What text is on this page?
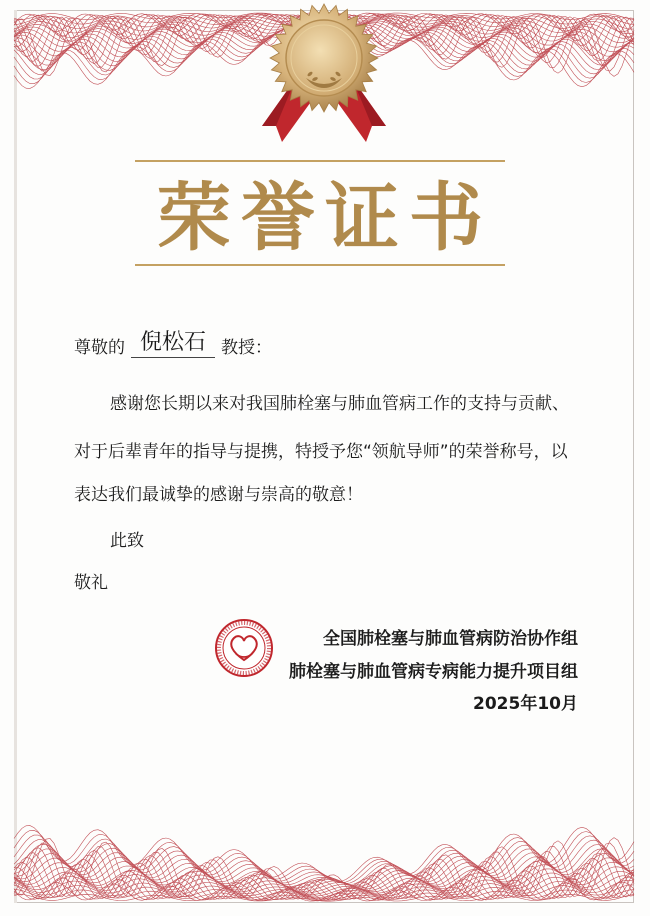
荣誉证书
尊敬的 倪松石 教授：
感谢您长期以来对我国肺栓塞与肺血管病工作的支持与贡献、
对于后辈青年的指导与提携，特授予您“领航导师”的荣誉称号，以
表达我们最诚挚的感谢与崇高的敬意！
此致
敬礼
全国肺栓塞与肺血管病防治协作组
肺栓塞与肺血管病专病能力提升项目组
2025年10月
